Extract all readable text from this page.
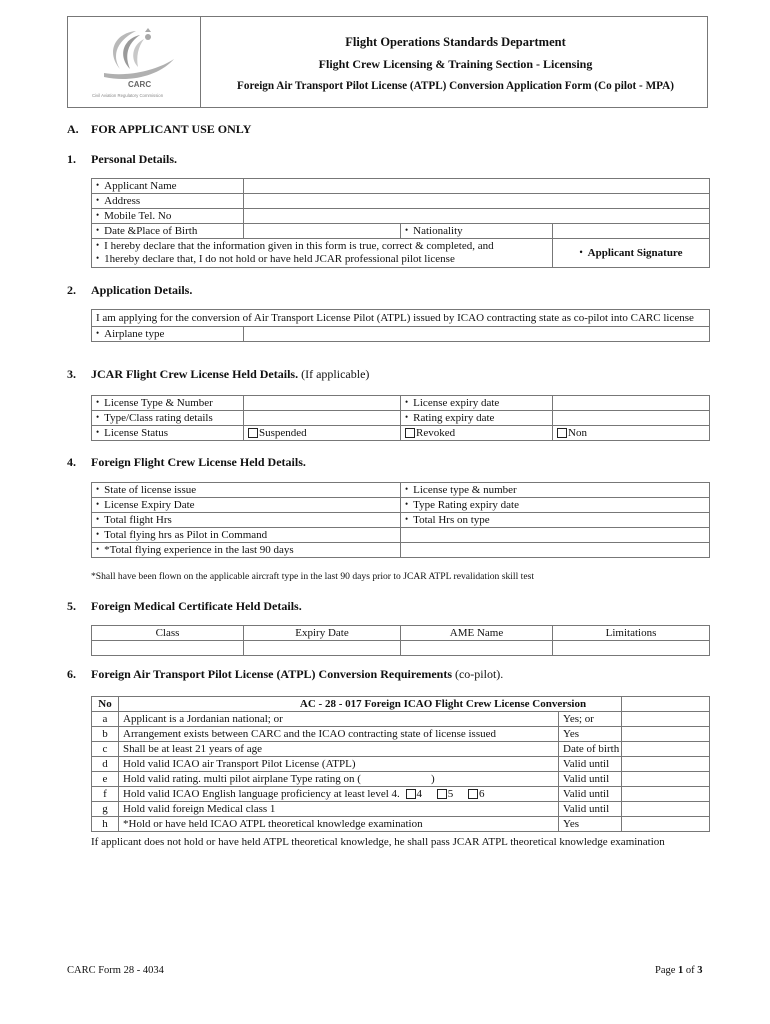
CARC
Civil Aviation Regulatory Commission
Flight Operations Standards Department
Flight Crew Licensing & Training Section - Licensing
Foreign Air Transport Pilot License (ATPL) Conversion Application Form (Co pilot - MPA)
A. FOR APPLICANT USE ONLY
1. Personal Details.
• Applicant Name	
• Address	
• Mobile Tel. No	
• Date &Place of Birth		• Nationality	

• I hereby declare that the information given in this form is true, correct & completed, and
• 1hereby declare that, I do not hold or have held JCAR professional pilot license			• Applicant Signature
2. Application Details.
I am applying for the conversion of Air Transport License Pilot (ATPL) issued by ICAO contracting state as co-pilot into CARC license
• Airplane type	
3. JCAR Flight Crew License Held Details. (If applicable)
• License Type & Number		• License expiry date	
• Type/Class rating details		• Rating expiry date	
• License Status	Suspended	Revoked	Non
4. Foreign Flight Crew License Held Details.
• State of license issue	• License type & number
• License Expiry Date	• Type Rating expiry date
• Total flight Hrs	• Total Hrs on type
• Total flying hrs as Pilot in Command	
• *Total flying experience in the last 90 days	
*Shall have been flown on the applicable aircraft type in the last 90 days prior to JCAR ATPL revalidation skill test
5. Foreign Medical Certificate Held Details.
Class	Expiry Date	AME Name	Limitations

6. Foreign Air Transport Pilot License (ATPL) Conversion Requirements (co-pilot).
No	AC - 28 - 017 Foreign ICAO Flight Crew License Conversion		
a	Applicant is a Jordanian national; or	Yes; or	
b	Arrangement exists between CARC and the ICAO contracting state of license issued	Yes	
c	Shall be at least 21 years of age	Date of birth	
d	Hold valid ICAO air Transport Pilot License (ATPL)	Valid until	
e	Hold valid rating. multi pilot airplane Type rating on ( )	Valid until	
f	Hold valid ICAO English language proficiency at least level 4. 4 5 6	Valid until	
g	Hold valid foreign Medical class 1	Valid until	
h	*Hold or have held ICAO ATPL theoretical knowledge examination	Yes	
If applicant does not hold or have held ATPL theoretical knowledge, he shall pass JCAR ATPL theoretical knowledge examination
CARC Form 28 - 4034	Page 1 of 3
